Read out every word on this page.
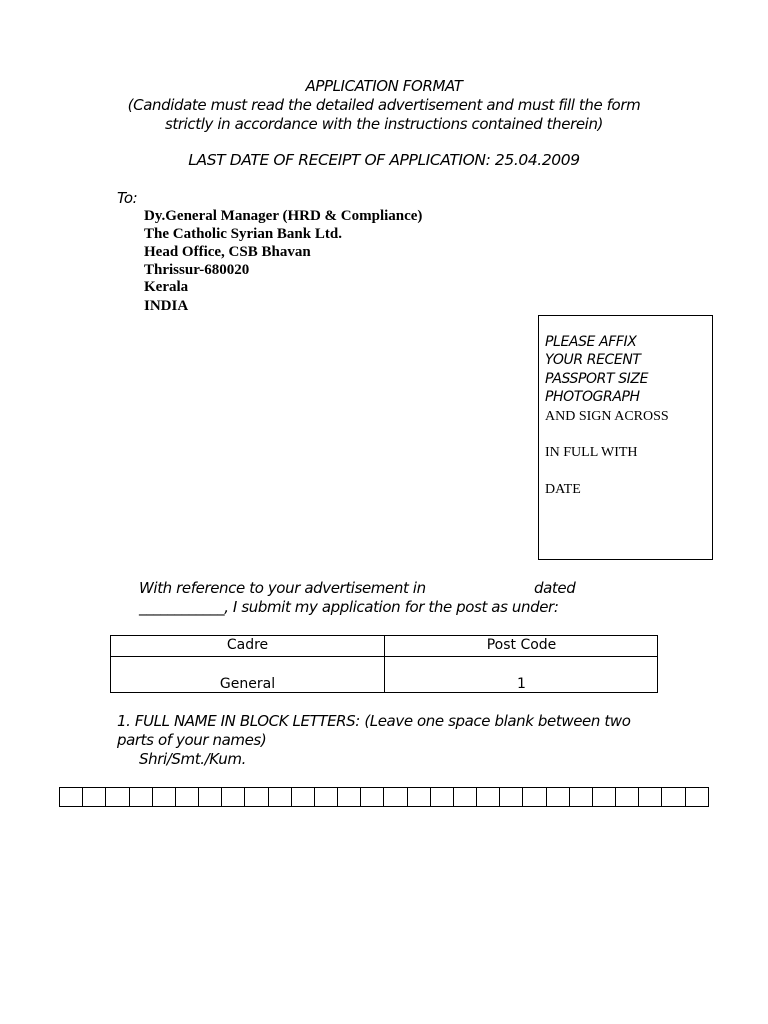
APPLICATION FORMAT
(Candidate must read the detailed advertisement and must fill the form
strictly in accordance with the instructions contained therein)
LAST DATE OF RECEIPT OF APPLICATION: 25.04.2009
To:
Dy.General Manager (HRD & Compliance)
The Catholic Syrian Bank Ltd.
Head Office, CSB Bhavan
Thrissur-680020
Kerala
INDIA
PLEASE AFFIX
YOUR RECENT
PASSPORT SIZE
PHOTOGRAPH
AND SIGN ACROSS
IN FULL WITH
DATE
With reference to your advertisement in	dated
____________, I submit my application for the post as under:
Cadre	Post Code
General	1
1. FULL NAME IN BLOCK LETTERS: (Leave one space blank between two
parts of your names)
Shri/Smt./Kum.
